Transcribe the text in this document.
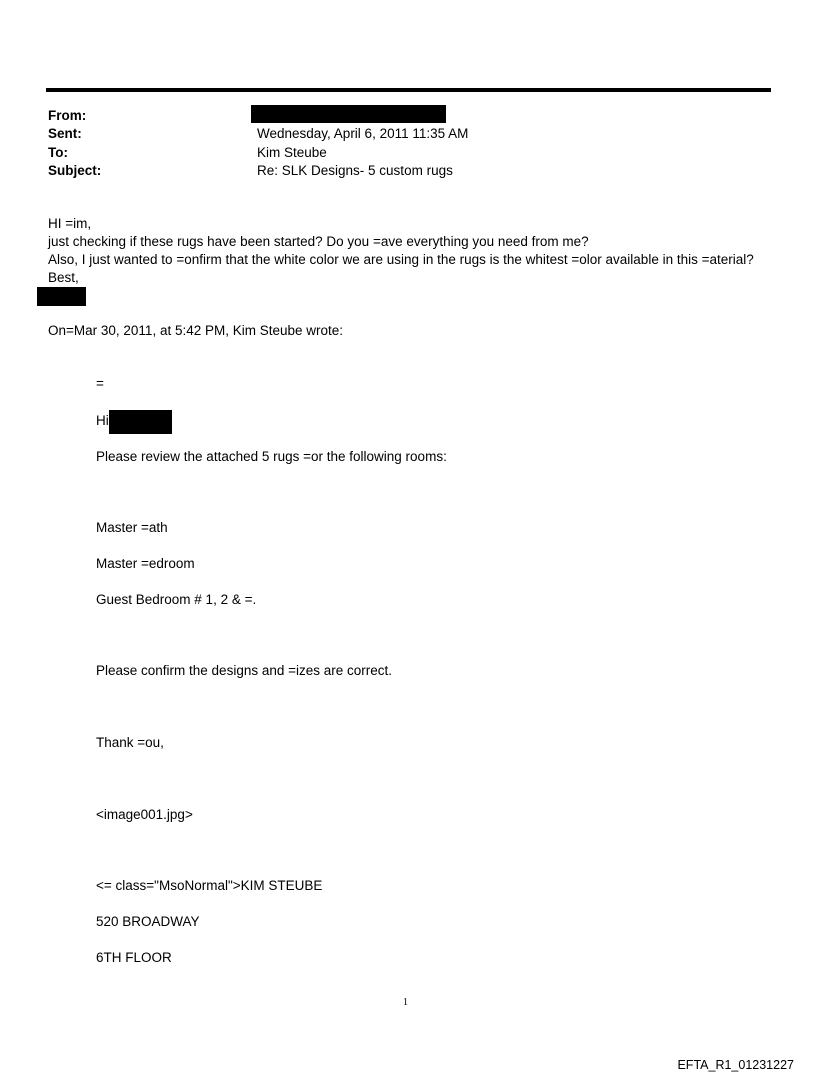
From:
Sent:	Wednesday, April 6, 2011 11:35 AM
To:	Kim Steube
Subject:	Re: SLK Designs- 5 custom rugs
HI =im,
just checking if these rugs have been started? Do you =ave everything you need from me?
Also, I just wanted to =onfirm that the white color we are using in the rugs is the whitest =olor available in this =aterial?
Best,
On=Mar 30, 2011, at 5:42 PM, Kim Steube wrote:
=
Hi
Please review the attached 5 rugs =or the following rooms:
Master =ath
Master =edroom
Guest Bedroom # 1, 2 & =.
Please confirm the designs and =izes are correct.
Thank =ou,
<image001.jpg>
<= class="MsoNormal">KIM STEUBE
520 BROADWAY
6TH FLOOR
1
EFTA_R1_01231227
